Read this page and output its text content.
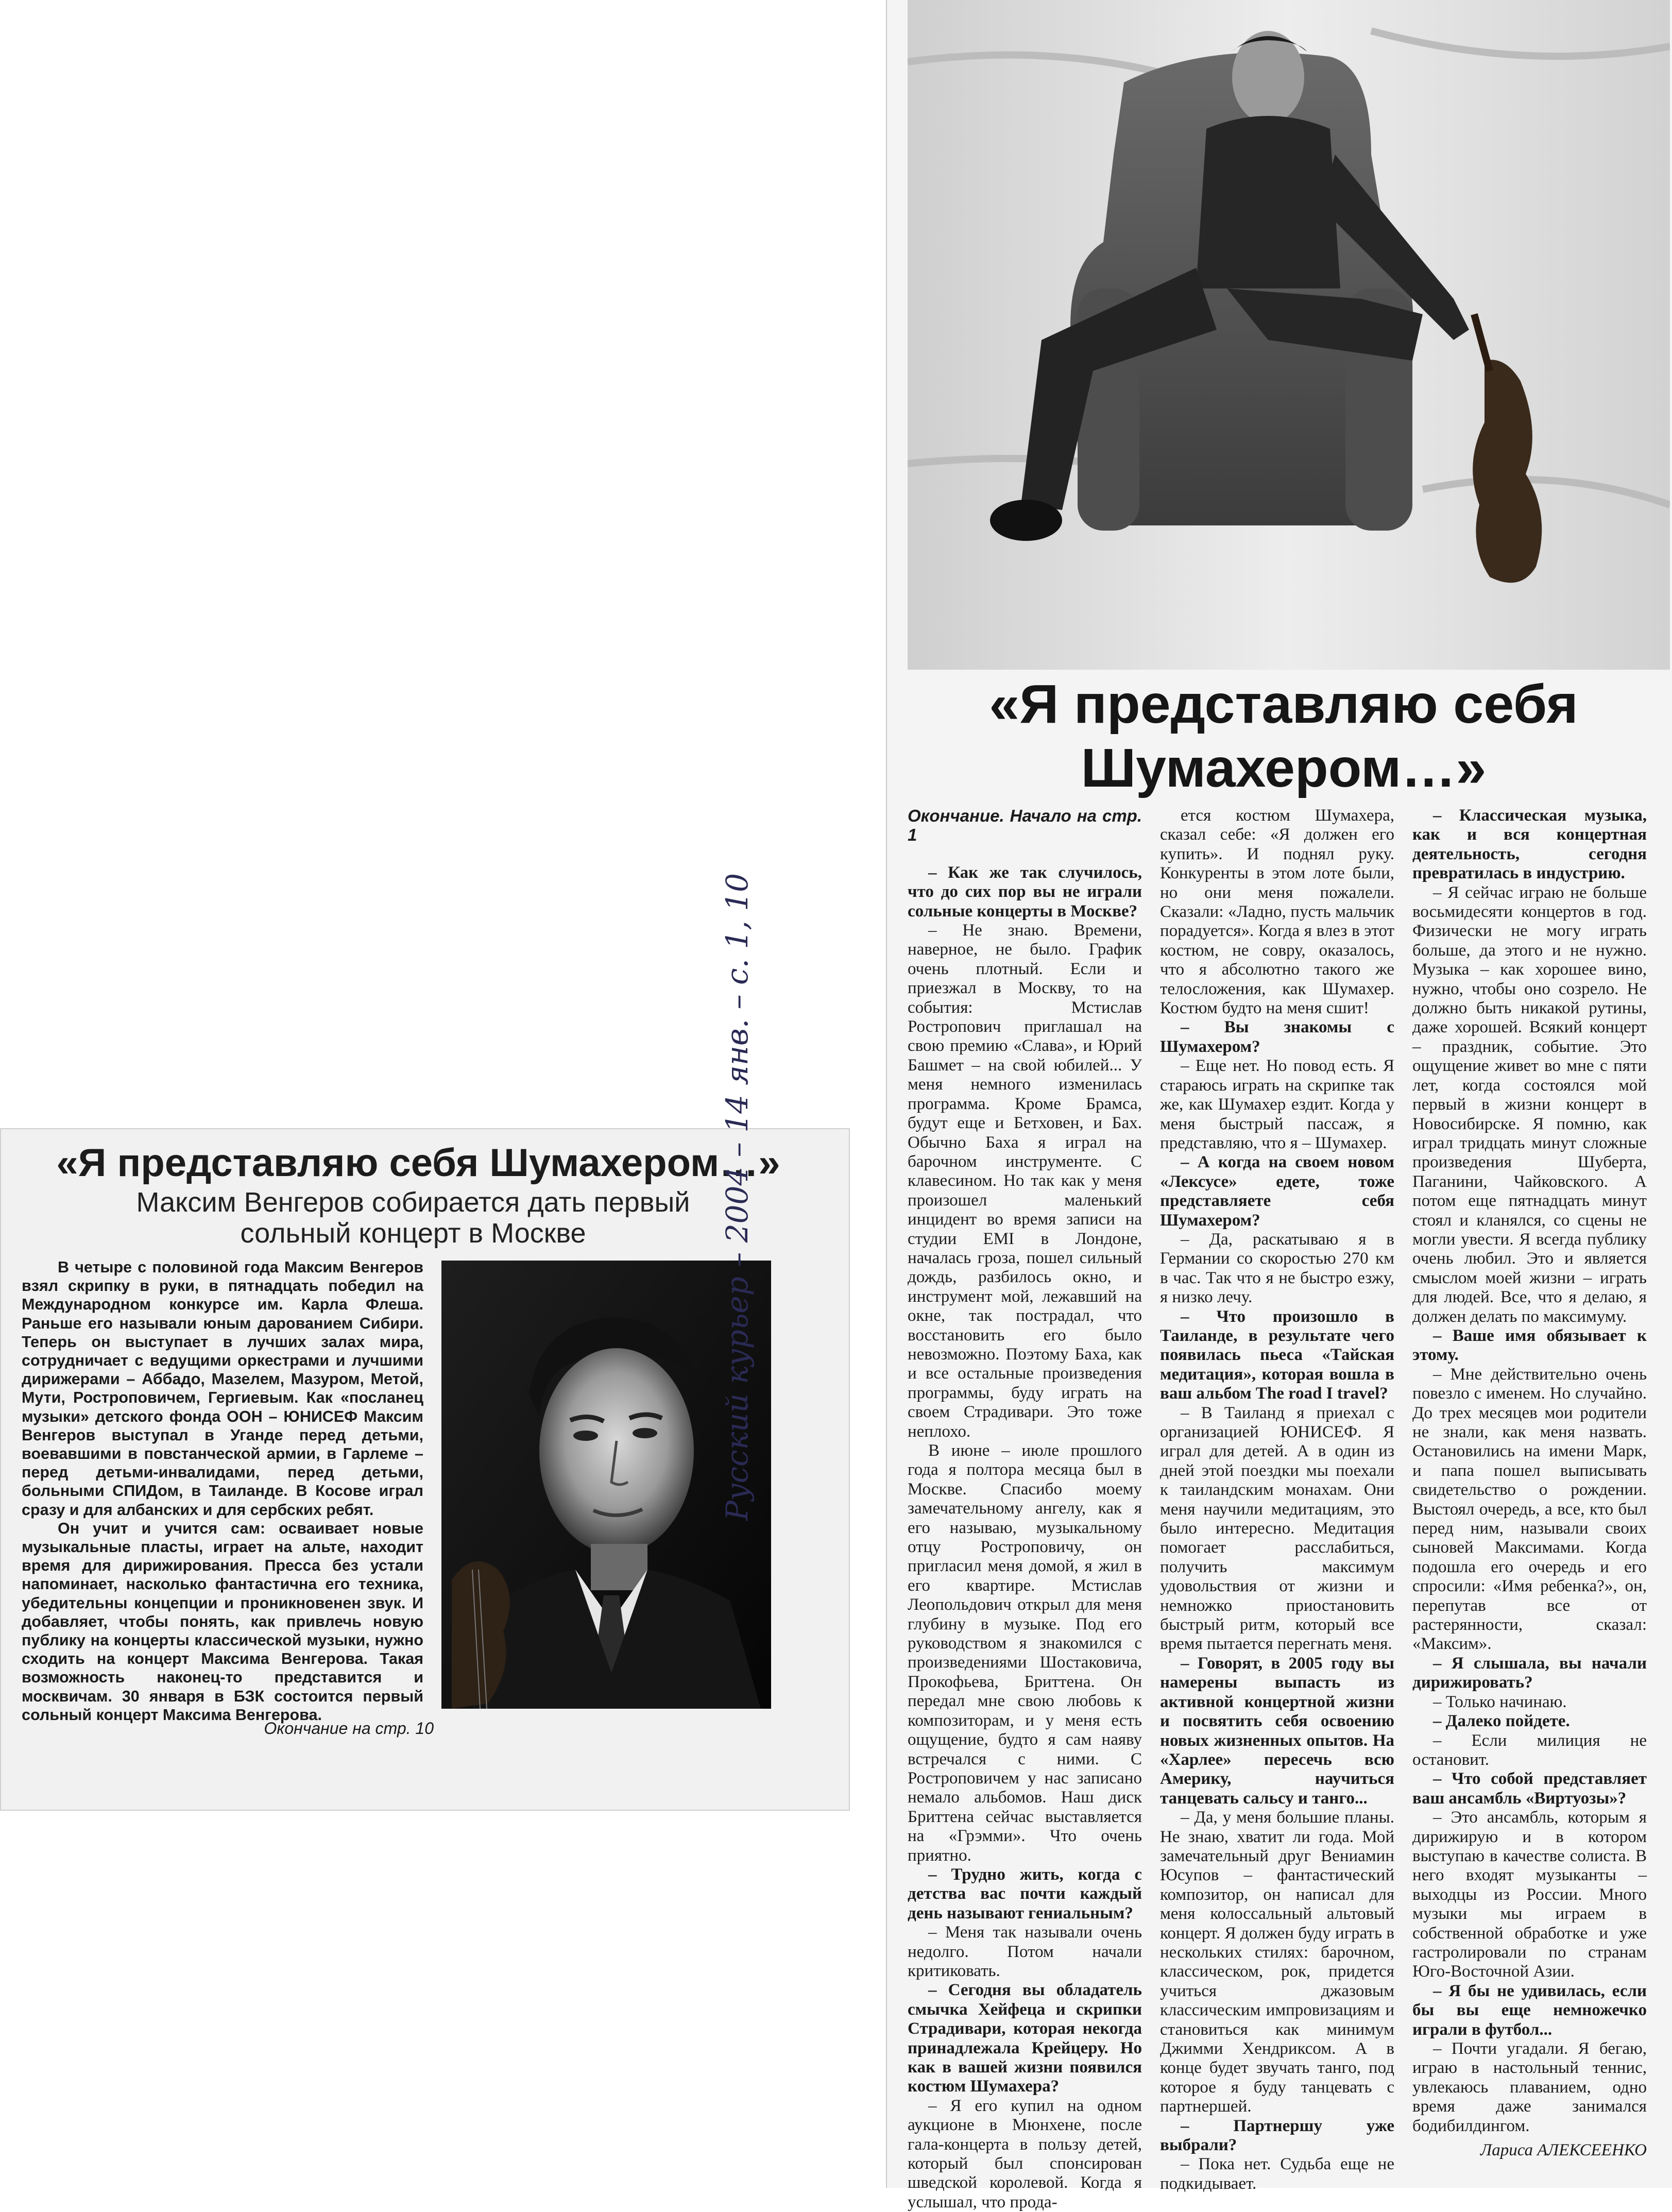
«Я представляю себя Шумахером…»
Максим Венгеров собирается дать первый сольный концерт в Москве

В четыре с половиной года Максим Венгеров взял скрипку в руки, в пятнадцать победил на Международном конкурсе им. Карла Флеша. Раньше его называли юным дарованием Сибири. Теперь он выступает в лучших залах мира, сотрудничает с ведущими оркестрами и лучшими дирижерами – Аббадо, Мазелем, Мазуром, Метой, Мути, Ростроповичем, Гергиевым. Как «посланец музыки» детского фонда ООН – ЮНИСЕФ Максим Венгеров выступал в Уганде перед детьми, воевавшими в повстанческой армии, в Гарлеме – перед детьми-инвалидами, перед детьми, больными СПИДом, в Таиланде. В Косове играл сразу и для албанских и для сербских ребят.

Он учит и учится сам: осваивает новые музыкальные пласты, играет на альте, находит время для дирижирования. Пресса без устали напоминает, насколько фантастична его техника, убедительны концепции и проникновенен звук. И добавляет, чтобы понять, как привлечь новую публику на концерты классической музыки, нужно сходить на концерт Максима Венгерова. Такая возможность наконец-то представится и москвичам. 30 января в БЗК состоится первый сольный концерт Максима Венгерова.

Окончание на стр. 10
Русский курьер – 2004 – 14 янв. – с. 1, 10
«Я представляю себя Шумахером…»

Окончание. Начало на стр. 1

– Как же так случилось, что до сих пор вы не играли сольные концерты в Москве?

– Не знаю. Времени, наверное, не было. График очень плотный. Если и приезжал в Москву, то на события: Мстислав Ростропович приглашал на свою премию «Слава», и Юрий Башмет – на свой юбилей... У меня немного изменилась программа. Кроме Брамса, будут еще и Бетховен, и Бах. Обычно Баха я играл на барочном инструменте. С клавесином. Но так как у меня произошел маленький инцидент во время записи на студии EMI в Лондоне, началась гроза, пошел сильный дождь, разбилось окно, и инструмент мой, лежавший на окне, так пострадал, что восстановить его было невозможно. Поэтому Баха, как и все остальные произведения программы, буду играть на своем Страдивари. Это тоже неплохо.

В июне – июле прошлого года я полтора месяца был в Москве. Спасибо моему замечательному ангелу, как я его называю, музыкальному отцу Ростроповичу, он пригласил меня домой, я жил в его квартире. Мстислав Леопольдович открыл для меня глубину в музыке. Под его руководством я знакомился с произведениями Шостаковича, Прокофьева, Бриттена. Он передал мне свою любовь к композиторам, и у меня есть ощущение, будто я сам наяву встречался с ними. С Ростроповичем у нас записано немало альбомов. Наш диск Бриттена сейчас выставляется на «Грэмми». Что очень приятно.

– Трудно жить, когда с детства вас почти каждый день называют гениальным?

– Меня так называли очень недолго. Потом начали критиковать.

– Сегодня вы обладатель смычка Хейфеца и скрипки Страдивари, которая некогда принадлежала Крейцеру. Но как в вашей жизни появился костюм Шумахера?

– Я его купил на одном аукционе в Мюнхене, после гала-концерта в пользу детей, который был спонсирован шведской королевой. Когда я услышал, что прода-

ется костюм Шумахера, сказал себе: «Я должен его купить». И поднял руку. Конкуренты в этом лоте были, но они меня пожалели. Сказали: «Ладно, пусть мальчик порадуется». Когда я влез в этот костюм, не совру, оказалось, что я абсолютно такого же телосложения, как Шумахер. Костюм будто на меня сшит!

– Вы знакомы с Шумахером?

– Еще нет. Но повод есть. Я стараюсь играть на скрипке так же, как Шумахер ездит. Когда у меня быстрый пассаж, я представляю, что я – Шумахер.

– А когда на своем новом «Лексусе» едете, тоже представляете себя Шумахером?

– Да, раскатываю я в Германии со скоростью 270 км в час. Так что я не быстро езжу, я низко лечу.

– Что произошло в Таиланде, в результате чего появилась пьеса «Тайская медитация», которая вошла в ваш альбом The road I travel?

– В Таиланд я приехал с организацией ЮНИСЕФ. Я играл для детей. А в один из дней этой поездки мы поехали к таиландским монахам. Они меня научили медитациям, это было интересно. Медитация помогает расслабиться, получить максимум удовольствия от жизни и немножко приостановить быстрый ритм, который все время пытается перегнать меня.

– Говорят, в 2005 году вы намерены выпасть из активной концертной жизни и посвятить себя освоению новых жизненных опытов. На «Харлее» пересечь всю Америку, научиться танцевать сальсу и танго...

– Да, у меня большие планы. Не знаю, хватит ли года. Мой замечательный друг Вениамин Юсупов – фантастический композитор, он написал для меня колоссальный альтовый концерт. Я должен буду играть в нескольких стилях: барочном, классическом, рок, придется учиться джазовым классическим импровизациям и становиться как минимум Джимми Хендриксом. А в конце будет звучать танго, под которое я буду танцевать с партнершей.

– Партнершу уже выбрали?

– Пока нет. Судьба еще не подкидывает.

– Классическая музыка, как и вся концертная деятельность, сегодня превратилась в индустрию.

– Я сейчас играю не больше восьмидесяти концертов в год. Физически не могу играть больше, да этого и не нужно. Музыка – как хорошее вино, нужно, чтобы оно созрело. Не должно быть никакой рутины, даже хорошей. Всякий концерт – праздник, событие. Это ощущение живет во мне с пяти лет, когда состоялся мой первый в жизни концерт в Новосибирске. Я помню, как играл тридцать минут сложные произведения Шуберта, Паганини, Чайковского. А потом еще пятнадцать минут стоял и кланялся, со сцены не могли увести. Я всегда публику очень любил. Это и является смыслом моей жизни – играть для людей. Все, что я делаю, я должен делать по максимуму.

– Ваше имя обязывает к этому.

– Мне действительно очень повезло с именем. Но случайно. До трех месяцев мои родители не знали, как меня назвать. Остановились на имени Марк, и папа пошел выписывать свидетельство о рождении. Выстоял очередь, а все, кто был перед ним, называли своих сыновей Максимами. Когда подошла его очередь и его спросили: «Имя ребенка?», он, перепутав все от растерянности, сказал: «Максим».

– Я слышала, вы начали дирижировать?

– Только начинаю.

– Далеко пойдете.

– Если милиция не остановит.

– Что собой представляет ваш ансамбль «Виртуозы»?

– Это ансамбль, которым я дирижирую и в котором выступаю в качестве солиста. В него входят музыканты – выходцы из России. Много музыки мы играем в собственной обработке и уже гастролировали по странам Юго-Восточной Азии.

– Я бы не удивилась, если бы вы еще немножечко играли в футбол...

– Почти угадали. Я бегаю, играю в настольный теннис, увлекаюсь плаванием, одно время даже занимался бодибилдингом.

Лариса АЛЕКСЕЕНКО
